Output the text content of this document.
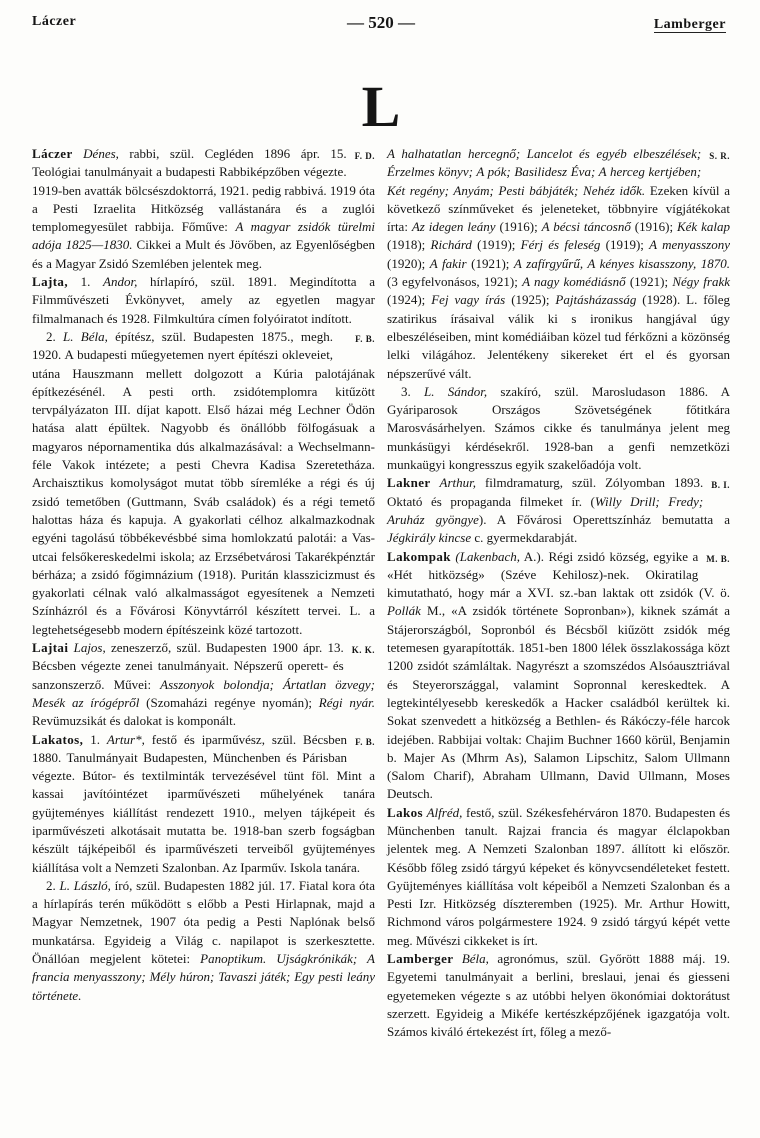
Láczer	— 520 —	Lamberger
L

F. D.
Láczer Dénes, rabbi, szül. Cegléden 1896 ápr. 15. Teológiai tanulmányait a budapesti Rabbiképzőben végezte. 1919-ben avatták bölcsészdoktorrá, 1921. pedig rabbivá. 1919 óta a Pesti Izraelita Hitközség vallástanára és a zuglói templomegyesület rabbija. Főműve: A magyar zsidók türelmi adója 1825—1830. Cikkei a Mult és Jövőben, az Egyenlőségben és a Magyar Zsidó Szemlében jelentek meg.

Lajta, 1. Andor, hírlapíró, szül. 1891. Megindította a Filmművészeti Évkönyvet, amely az egyetlen magyar filmalmanach és 1928. Filmkultúra címen folyóiratot indított.

F. B.
2. L. Béla, építész, szül. Budapesten 1875., megh. 1920. A budapesti műegyetemen nyert építészi okleveiet, utána Hauszmann mellett dolgozott a Kúria palotájának építkezésénél. A pesti orth. zsidótemplomra kitűzött tervpályázaton III. díjat kapott. Első házai még Lechner Ödön hatása alatt épültek. Nagyobb és önállóbb fölfogásuak a magyaros népornamentika dús alkalmazásával: a Wechselmann-féle Vakok intézete; a pesti Chevra Kadisa Szeretetháza. Archaisztikus komolyságot mutat több síremléke a régi és új zsidó temetőben (Guttmann, Sváb családok) és a régi temető halottas háza és kapuja. A gyakorlati célhoz alkalmazkodnak egyéni tagolású többékevésbbé sima homlokzatú palotái: a Vas-utcai felsőkereskedelmi iskola; az Erzsébetvárosi Takarékpénztár bérháza; a zsidó főgimnázium (1918). Puritán klasszicizmust és gyakorlati célnak való alkalmasságot egyesítenek a Nemzeti Színházról és a Fővárosi Könyvtárról készített tervei. L. a legtehetségesebb modern építészeink közé tartozott.

K. K.
Lajtai Lajos, zeneszerző, szül. Budapesten 1900 ápr. 13. Bécsben végezte zenei tanulmányait. Népszerű operett- és sanzonszerző. Művei: Asszonyok bolondja; Ártatlan özvegy; Mesék az írógépről (Szomaházi regénye nyomán); Régi nyár. Revümuzsikát és dalokat is komponált.

F. B.
Lakatos, 1. Artur*, festő és iparművész, szül. Bécsben 1880. Tanulmányait Budapesten, Münchenben és Párisban végezte. Bútor- és textilminták tervezésével tünt föl. Mint a kassai javítóintézet iparművészeti műhelyének tanára gyüjteményes kiállítást rendezett 1910., melyen tájképeit és iparművészeti alkotásait mutatta be. 1918-ban szerb fogságban készült tájképeiből és iparművészeti terveiből gyüjteményes kiállítása volt a Nemzeti Szalonban. Az Iparműv. Iskola tanára.

2. L. László, író, szül. Budapesten 1882 júl. 17. Fiatal kora óta a hírlapírás terén működött s előbb a Pesti Hirlapnak, majd a Magyar Nemzetnek, 1907 óta pedig a Pesti Naplónak belső munkatársa. Egyideig a Világ c. napilapot is szerkesztette. Önállóan megjelent kötetei: Panoptikum. Ujságkrónikák; A francia menyasszony; Mély húron; Tavaszi játék; Egy pesti leány története.

S. R.
A halhatatlan hercegnő; Lancelot és egyéb elbeszélések; Érzelmes könyv; A pók; Basilidesz Éva; A herceg kertjében; Két regény; Anyám; Pesti bábjáték; Nehéz idők. Ezeken kívül a következő színműveket és jeleneteket, többnyire vígjátékokat írta: Az idegen leány (1916); A bécsi táncosnő (1916); Kék kalap (1918); Richárd (1919); Férj és feleség (1919); A menyasszony (1920); A fakir (1921); A zafírgyűrű, A kényes kisasszony, 1870. (3 egyfelvonásos, 1921); A nagy komédiásnő (1921); Négy frakk (1924); Fej vagy írás (1925); Pajtásházasság (1928). L. főleg szatirikus írásaival válik ki s ironikus hangjával úgy elbeszéléseiben, mint komédiáiban közel tud férkőzni a közönség lelki világához. Jelentékeny sikereket ért el és gyorsan népszerűvé vált.

3. L. Sándor, szakíró, szül. Marosludason 1886. A Gyáriparosok Országos Szövetségének főtitkára Marosvásárhelyen. Számos cikke és tanulmánya jelent meg munkásügyi kérdésekről. 1928-ban a genfi nemzetközi munkaügyi kongresszus egyik szakelőadója volt.

B. I.
Lakner Arthur, filmdramaturg, szül. Zólyomban 1893. Oktató és propaganda filmeket ír. (Willy Drill; Fredy; Aruház gyöngye). A Fővárosi Operettszínház bemutatta a Jégkirály kincse c. gyermekdarabját.

M. B.
Lakompak (Lakenbach, A.). Régi zsidó község, egyike a «Hét hitközség» (Széve Kehilosz)-nek. Okiratilag kimutatható, hogy már a XVI. sz.-ban laktak ott zsidók (V. ö. Pollák M., «A zsidók története Sopronban»), kiknek számát a Stájerországból, Sopronból és Bécsből kiűzött zsidók még tetemesen gyarapították. 1851-ben 1800 lélek összlakossága közt 1200 zsidót számláltak. Nagyrészt a szomszédos Alsóausztriával és Steyerországgal, valamint Sopronnal kereskedtek. A legtekintélyesebb kereskedők a Hacker családból kerültek ki. Sokat szenvedett a hitközség a Bethlen- és Rákóczy-féle harcok idejében. Rabbijai voltak: Chajim Buchner 1660 körül, Benjamin b. Majer As (Mhrm As), Salamon Lipschitz, Salom Ullmann (Salom Charif), Abraham Ullmann, David Ullmann, Moses Deutsch.

Lakos Alfréd, festő, szül. Székesfehérváron 1870. Budapesten és Münchenben tanult. Rajzai francia és magyar élclapokban jelentek meg. A Nemzeti Szalonban 1897. állított ki először. Később főleg zsidó tárgyú képeket és könyvcsendéleteket festett. Gyüjteményes kiállítása volt képeiből a Nemzeti Szalonban és a Pesti Izr. Hitközség díszteremben (1925). Mr. Arthur Howitt, Richmond város polgármestere 1924. 9 zsidó tárgyú képét vette meg. Művészi cikkeket is írt.

Lamberger Béla, agronómus, szül. Győrött 1888 máj. 19. Egyetemi tanulmányait a berlini, breslaui, jenai és giesseni egyetemeken végezte s az utóbbi helyen ökonómiai doktorátust szerzett. Egyideig a Mikéfe kertészképzőjének igazgatója volt. Számos kiváló értekezést írt, főleg a mező-
